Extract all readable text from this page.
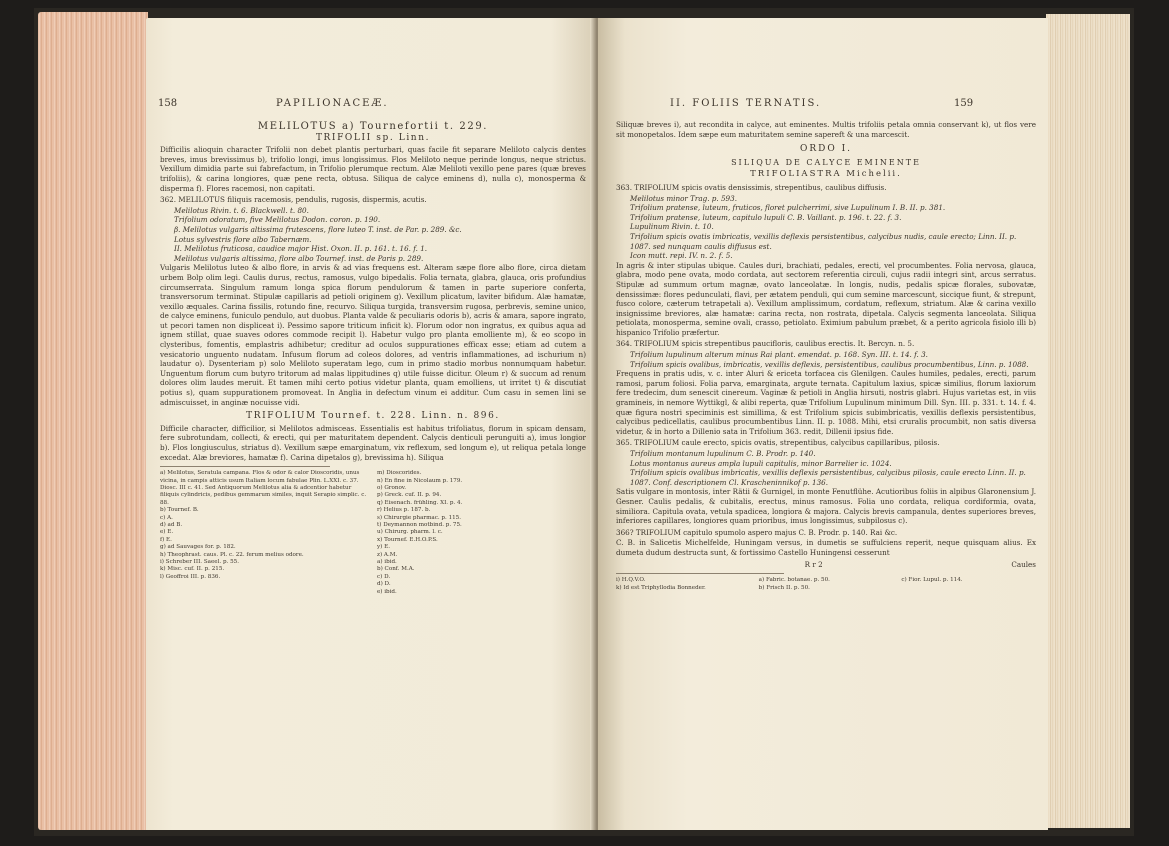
158	PAPILIONACEÆ.
MELILOTUS a) Tournefortii t. 229.
TRIFOLII sp. Linn.

Difficilis alioquin character Trifolii non debet plantis perturbari, quas facile fit separare Meliloto calycis dentes breves, imus brevissimus b), trifolio longi, imus longissimus. Flos Meliloto neque perinde longus, neque strictus. Vexillum dimidia parte sui fabrefactum, in Trifolio plerumque rectum. Alæ Meliloti vexillo pene pares (quæ breves trifoliis), & carina longiores, quæ pene recta, obtusa. Siliqua de calyce eminens d), nulla c), monosperma & disperma f). Flores racemosi, non capitati.

362. MELILOTUS filiquis racemosis, pendulis, rugosis, dispermis, acutis.

Melilotus Rivin. t. 6. Blackwell. t. 80.
Trifolium odoratum, five Melilotus Dodon. coron. p. 190.
β. Melilotus vulgaris altissima frutescens, flore luteo T. inst. de Par. p. 289. &c.
Lotus sylvestris flore albo Tabernæm.
II. Melilotus fruticosa, caudice major Hist. Oxon. II. p. 161. t. 16. f. 1.
Melilotus vulgaris altissima, flore albo Tournef. inst. de Paris p. 289.

Vulgaris Melilotus luteo & albo flore, in arvis & ad vias frequens est. Alteram sæpe flore albo flore, circa dietam urbem Bolp olim legi. Caulis durus, rectus, ramosus, vulgo bipedalis. Folia ternata, glabra, glauca, oris profundius circumserrata. Singulum ramum longa spica florum pendulorum & tamen in parte superiore conferta, transversorum terminat. Stipulæ capillaris ad petioli originem g). Vexillum plicatum, laviter bifidum. Alæ hamatæ, vexillo æquales. Carina fissilis, rotundo fine, recurvo. Siliqua turgida, transversim rugosa, perbrevis, semine unico, de calyce eminens, funiculo pendulo, aut duobus. Planta valde & peculiaris odoris b), acris & amara, sapore ingrato, ut pecori tamen non displiceat i). Pessimo sapore triticum inficit k). Florum odor non ingratus, ex quibus aqua ad ignem stillat, quae suaves odores commode recipit l). Habetur vulgo pro planta emolliente m), & eo scopo in clysteribus, fomentis, emplastris adhibetur; creditur ad oculos suppurationes efficax esse; etiam ad cutem a vesicatorio unguento nudatam. Infusum florum ad coleos dolores, ad ventris inflammationes, ad ischurium n) laudatur o). Dysenteriam p) solo Meliloto superatam lego, cum in primo stadio morbus nonnumquam habetur. Unguentum florum cum butyro tritorum ad malas lippitudines q) utile fuisse dicitur. Oleum r) & succum ad renum dolores olim laudes meruit. Et tamen mihi certo potius videtur planta, quam emolliens, ut irritet t) & discutiat potius s), quam suppurationem promoveat. In Anglia in defectum vinum ei additur. Cum casu in semen lini se admiscuisset, in anginæ nocuisse vidi.

TRIFOLIUM Tournef. t. 228. Linn. n. 896.

Difficile character, difficilior, si Melilotos admisceas. Essentialis est habitus trifoliatus, florum in spicam densam, fere subrotundam, collecti, & erecti, qui per maturitatem dependent. Calycis denticuli perunguiti a), imus longior b). Flos longiusculus, striatus d). Vexillum sæpe emarginatum, vix reflexum, sed longum e), ut reliqua petala longe excedat. Alæ breviores, hamatæ f). Carina dipetalos g), brevissima h). Siliqua

a) Melilotus, Seratula campana. Flos & odor & calor Dioscoridis, unus vicina, in campis atticis usum Italiam locum fabulae Plin. L.XXI. c. 37. Diosc. III c. 41. Sed Antiquorum Melilotus alia & adcentior habetur filiquis cylindricis, pedibus gemmarum similes, inquit Serapio simplic. c. 88.
b) Tournef. B.
c) A.
d) ad B.
e) E.
f) E.
g) ad Sauvages for. p. 182.
h) Theophrast. caus. Pl. c. 22. ferum melius odore.
i) Schreber III. Saeel. p. 55.
k) Misc. cuf. II. p. 215.
l) Geoffroi III. p. 836.
m) Dioscorides.
n) En fine in Nicolaum p. 179.
o) Gronov.
p) Greck. cuf. II. p. 94.
q) Eisenach. frühling. XI. p. 4.
r) Helius p. 187. b.
s) Chirurgie pharmac. p. 115.
t) Deymannon motbind. p. 75.
u) Chirurg. pharm. l. c.
x) Tournef. E.H.O.P.S.
y) E.
z) A.M.
a) ibid.
b) Conf. M.A.
c) D.
d) D.
e) ibid.
II. FOLIIS TERNATIS.	159

Siliquæ breves i), aut recondita in calyce, aut eminentes. Multis trifoliis petala omnia conservant k), ut flos vere sit monopetalos. Idem sæpe eum maturitatem semine sapereft & una marcescit.

ORDO I.
SILIQUA DE CALYCE EMINENTE
TRIFOLIASTRA Michelii.

363. TRIFOLIUM spicis ovatis densissimis, strepentibus, caulibus diffusis.

Melilotus minor Trag. p. 593.
Trifolium pratense, luteum, fruticos, floret pulcherrimi, sive Lupulinum I. B. II. p. 381.
Trifolium pratense, luteum, capitulo lupuli C. B. Vaillant. p. 196. t. 22. f. 3.
Lupulinum Rivin. t. 10.
Trifolium spicis ovatis imbricatis, vexillis deflexis persistentibus, calycibus nudis, caule erecto; Linn. II. p. 1087. sed nunquam caulis diffusus est.
Icon mutt. repi. IV. n. 2. f. 5.

In agris & inter stipulas ubique. Caules duri, brachiati, pedales, erecti, vel procumbentes. Folia nervosa, glauca, glabra, modo pene ovata, modo cordata, aut sectorem referentia circuli, cujus radii integri sint, arcus serratus. Stipulæ ad summum ortum magnæ, ovato lanceolatæ. In longis, nudis, pedalis spicæ florales, subovatæ, densissimæ: flores pedunculati, flavi, per ætatem penduli, qui cum semine marcescunt, siccique fiunt, & strepunt, fusco colore, cæterum tetrapetali a). Vexillum amplissimum, cordatum, reflexum, striatum. Alæ & carina vexillo insignissime breviores, alæ hamatæ: carina recta, non rostrata, dipetala. Calycis segmenta lanceolata. Siliqua petiolata, monosperma, semine ovali, crasso, petiolato. Eximium pabulum præbet, & a perito agricola fisiolo illi b) hispanico Trifolio præfertur.

364. TRIFOLIUM spicis strepentibus paucifloris, caulibus erectis. It. Bercyn. n. 5.

Trifolium lupulinum alterum minus Rai plant. emendat. p. 168. Syn. III. t. 14. f. 3.
Trifolium spicis ovalibus, imbricatis, vexillis deflexis, persistentibus, caulibus procumbentibus, Linn. p. 1088.

Frequens in pratis udis, v. c. inter Aluri & ericeta torfacea cis Glenilgen. Caules humiles, pedales, erecti, parum ramosi, parum foliosi. Folia parva, emarginata, argute ternata. Capitulum laxius, spicæ similius, florum laxiorum fere tredecim, dum senescit cinereum. Vaginæ & petioli in Anglia hirsuti, nostris glabri. Hujus varietas est, in viis gramineis, in nemore Wyttikgl, & alibi reperta, quæ Trifolium Lupulinum minimum Dill. Syn. III. p. 331. t. 14. f. 4. quæ figura nostri speciminis est simillima, & est Trifolium spicis subimbricatis, vexillis deflexis persistentibus, calycibus pedicellatis, caulibus procumbentibus Linn. II. p. 1088. Mihi, etsi cruralis procumbit, non satis diversa videtur, & in horto a Dillenio sata in Trifolium 363. redit, Dillenii ipsius fide.

365. TRIFOLIUM caule erecto, spicis ovatis, strepentibus, calycibus capillaribus, pilosis.

Trifolium montanum lupulinum C. B. Prodr. p. 140.
Lotus montanus aureus ampla lupuli capitulis, minor Barrelier ic. 1024.
Trifolium spicis ovalibus imbricatis, vexillis deflexis persistentibus, calycibus pilosis, caule erecto Linn. II. p. 1087. Conf. descriptionem Cl. Krascheninnikof p. 136.

Satis vulgare in montosis, inter Rätii & Gurnigel, in monte Fenutflühe. Acutioribus foliis in alpibus Glaronensium J. Gesner. Caulis pedalis, & cubitalis, erectus, minus ramosus. Folia uno cordata, reliqua cordiformia, ovata, similiora. Capitula ovata, vetula spadicea, longiora & majora. Calycis brevis campanula, dentes superiores breves, inferiores capillares, longiores quam prioribus, imus longissimus, subpilosus c).

366? TRIFOLIUM capitulo spumolo aspero majus C. B. Prodr. p. 140. Rai &c.

C. B. in Salicetis Michelfelde, Huningam versus, in dumetis se suffulciens reperit, neque quisquam alius. Ex dumeta dudum destructa sunt, & fortissimo Castello Huningensi cesserunt

R r 2	Caules
i) H.Q.V.O.
k) Id est Triphyllodia Bonneder.
a) Fabric. botanae. p. 50.
b) Frisch II. p. 50.
c) Fior. Lupul. p. 114.
